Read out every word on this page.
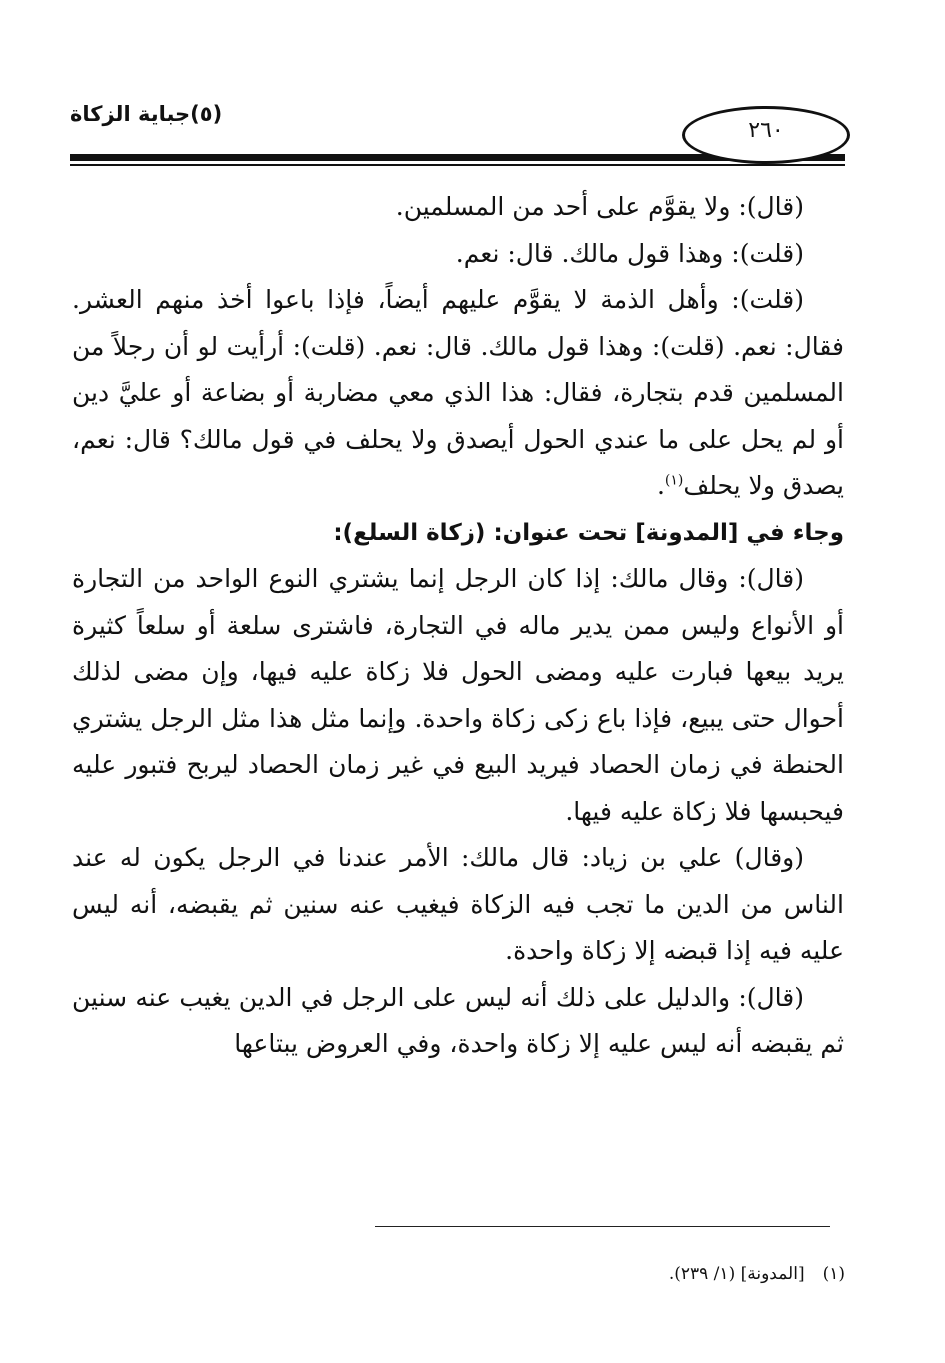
(٥)جباية الزكاة
٢٦٠

(قال): ولا يقوَّم على أحد من المسلمين.

(قلت): وهذا قول مالك. قال: نعم.

(قلت): وأهل الذمة لا يقوَّم عليهم أيضاً، فإذا باعوا أخذ منهم العشر. فقال: نعم. (قلت): وهذا قول مالك. قال: نعم. (قلت): أرأيت لو أن رجلاً من المسلمين قدم بتجارة، فقال: هذا الذي معي مضاربة أو بضاعة أو عليَّ دين أو لم يحل على ما عندي الحول أيصدق ولا يحلف في قول مالك؟ قال: نعم، يصدق ولا يحلف$^{(١)}$.

وجاء في [المدونة] تحت عنوان: (زكاة السلع):

(قال): وقال مالك: إذا كان الرجل إنما يشتري النوع الواحد من التجارة أو الأنواع وليس ممن يدير ماله في التجارة، فاشترى سلعة أو سلعاً كثيرة يريد بيعها فبارت عليه ومضى الحول فلا زكاة عليه فيها، وإن مضى لذلك أحوال حتى يبيع، فإذا باع زكى زكاة واحدة. وإنما مثل هذا مثل الرجل يشتري الحنطة في زمان الحصاد فيريد البيع في غير زمان الحصاد ليربح فتبور عليه فيحبسها فلا زكاة عليه فيها.

(وقال) علي بن زياد: قال مالك: الأمر عندنا في الرجل يكون له عند الناس من الدين ما تجب فيه الزكاة فيغيب عنه سنين ثم يقبضه، أنه ليس عليه فيه إذا قبضه إلا زكاة واحدة.

(قال): والدليل على ذلك أنه ليس على الرجل في الدين يغيب عنه سنين ثم يقبضه أنه ليس عليه إلا زكاة واحدة، وفي العروض يبتاعها

(١)[المدونة] (١/ ٢٣٩).
